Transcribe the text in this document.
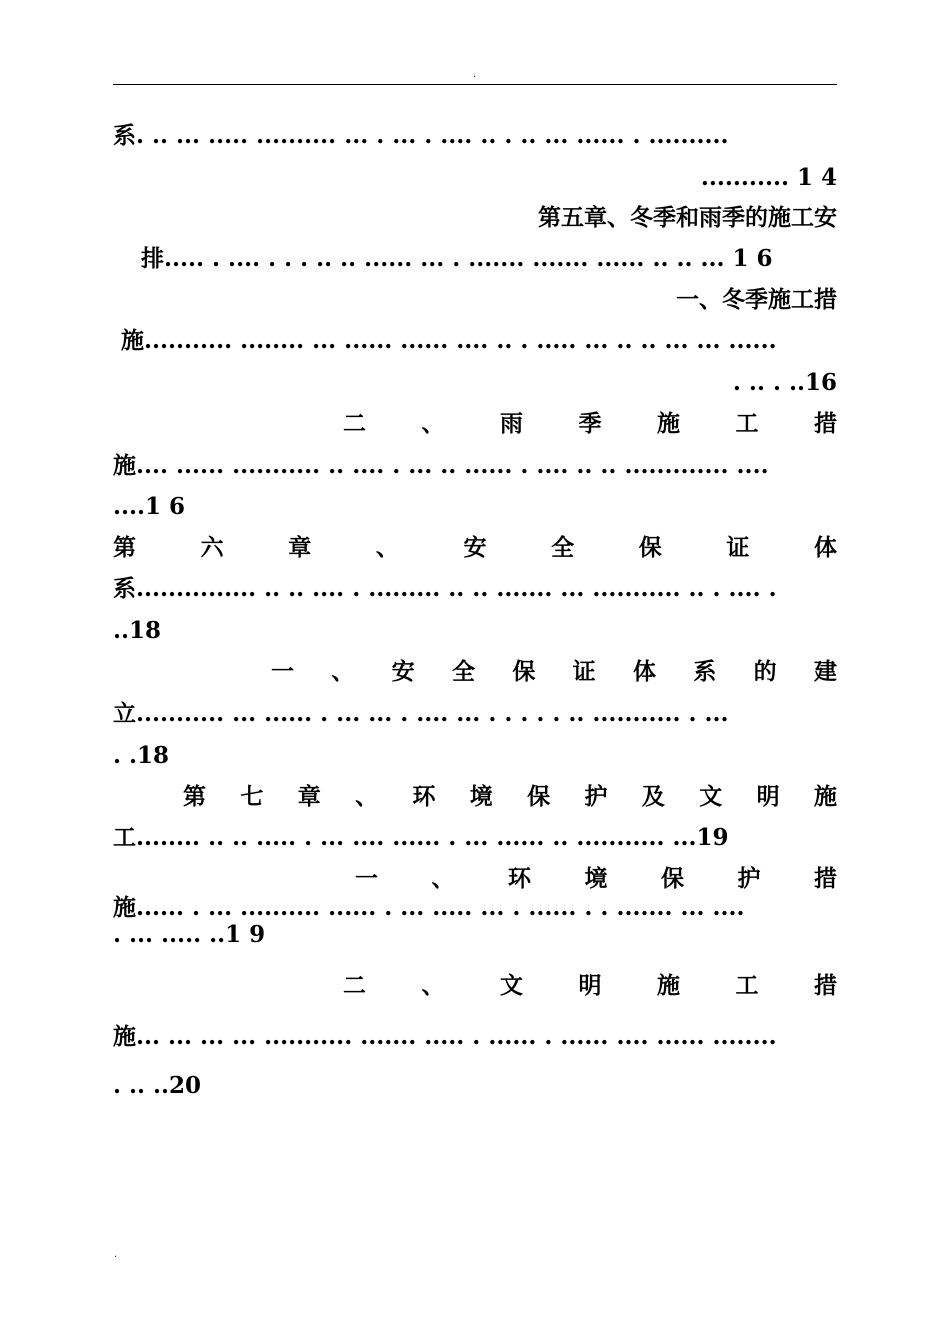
.
系. .. ... ..... .......... ... . ... . .... .. . .. ... ...... . ..........
........... 1 4
第五章、冬季和雨季的施工安
排..... . .... . . . .. .. ...... ... . ....... ....... ...... .. .. ... 1 6
一、冬季施工措
施........... ........ ... ...... ...... .... .. . ..... ... .. .. ... ... ......
. .. . ..16
二 、 雨 季 施 工 措
施.... ...... ........... .. .... . ... .. ...... . .... .. .. ............. ....
....1 6
第 六 章 、 安 全 保 证 体
系............... .. .. .... . ......... .. .. ....... ... ........... .. . .... .
..18
一 、 安 全 保 证 体 系 的 建
立........... ... ...... . ... ... . .... ... . . . . . .. ........... . ...
. .18
第 七 章 、 环 境 保 护 及 文 明 施
工........ .. .. ..... . ... .... ...... . ... ...... .. ........... ...19
一 、 环 境 保 护 措
施...... . ... .......... ...... . ... ..... ... . ...... . . ....... ... ....
. ... ..... ..1 9
二 、 文 明 施 工 措
施... ... ... ... ........... ....... ..... . ...... . ...... .... ...... ........
. .. ..20
.
